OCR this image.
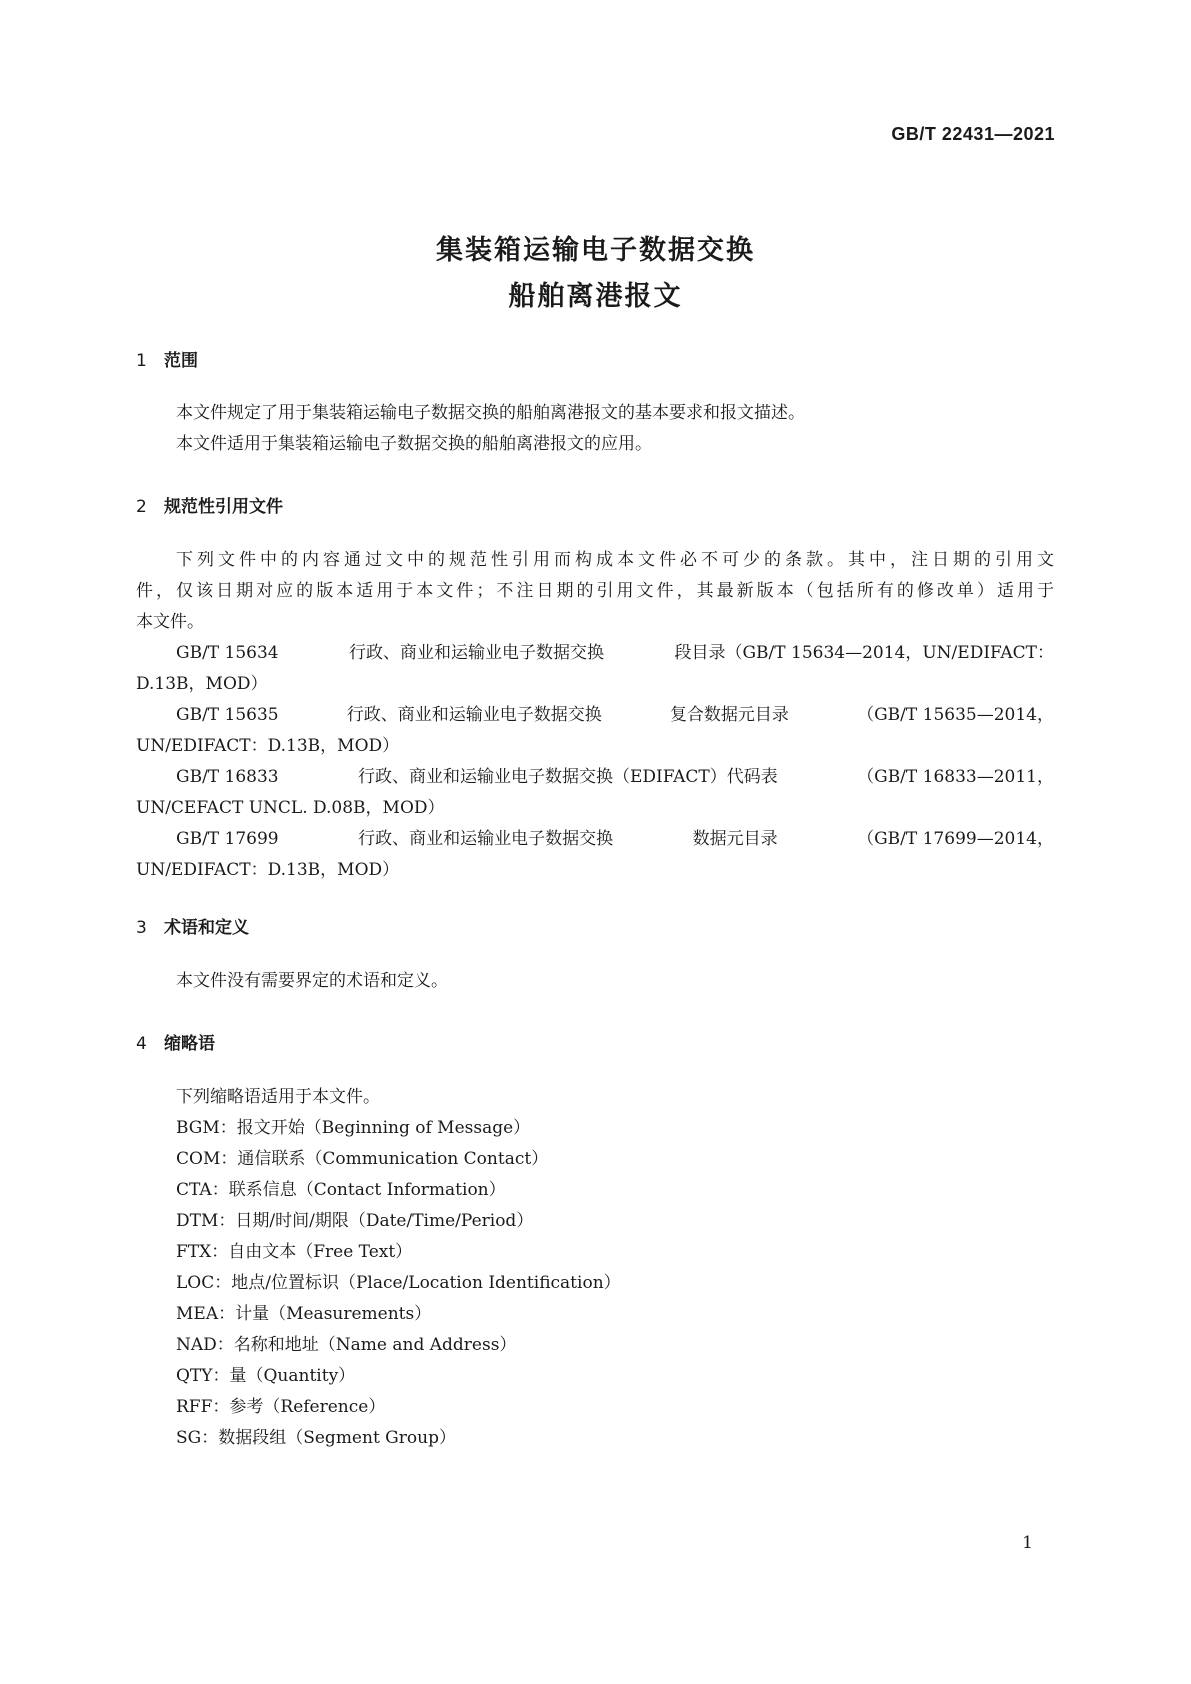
GB/T 22431—2021
集装箱运输电子数据交换
船舶离港报文
1 范围
本文件规定了用于集装箱运输电子数据交换的船舶离港报文的基本要求和报文描述。
本文件适用于集装箱运输电子数据交换的船舶离港报文的应用。
2 规范性引用文件
下列文件中的内容通过文中的规范性引用而构成本文件必不可少的条款。其中，注日期的引用文
件，仅该日期对应的版本适用于本文件；不注日期的引用文件，其最新版本（包括所有的修改单）适用于
本文件。
GB/T 15634	行政、商业和运输业电子数据交换	段目录（GB/T 15634—2014，UN/EDIFACT：
D.13B，MOD）
GB/T 15635	行政、商业和运输业电子数据交换	复合数据元目录	（GB/T 15635—2014，
UN/EDIFACT：D.13B，MOD）
GB/T 16833	行政、商业和运输业电子数据交换（EDIFACT）代码表	（GB/T 16833—2011，
UN/CEFACT UNCL. D.08B，MOD）
GB/T 17699	行政、商业和运输业电子数据交换	数据元目录	（GB/T 17699—2014，
UN/EDIFACT：D.13B，MOD）
3 术语和定义
本文件没有需要界定的术语和定义。
4 缩略语
下列缩略语适用于本文件。
BGM：报文开始（Beginning of Message）
COM：通信联系（Communication Contact）
CTA：联系信息（Contact Information）
DTM：日期/时间/期限（Date/Time/Period）
FTX：自由文本（Free Text）
LOC：地点/位置标识（Place/Location Identification）
MEA：计量（Measurements）
NAD：名称和地址（Name and Address）
QTY：量（Quantity）
RFF：参考（Reference）
SG：数据段组（Segment Group）
1
